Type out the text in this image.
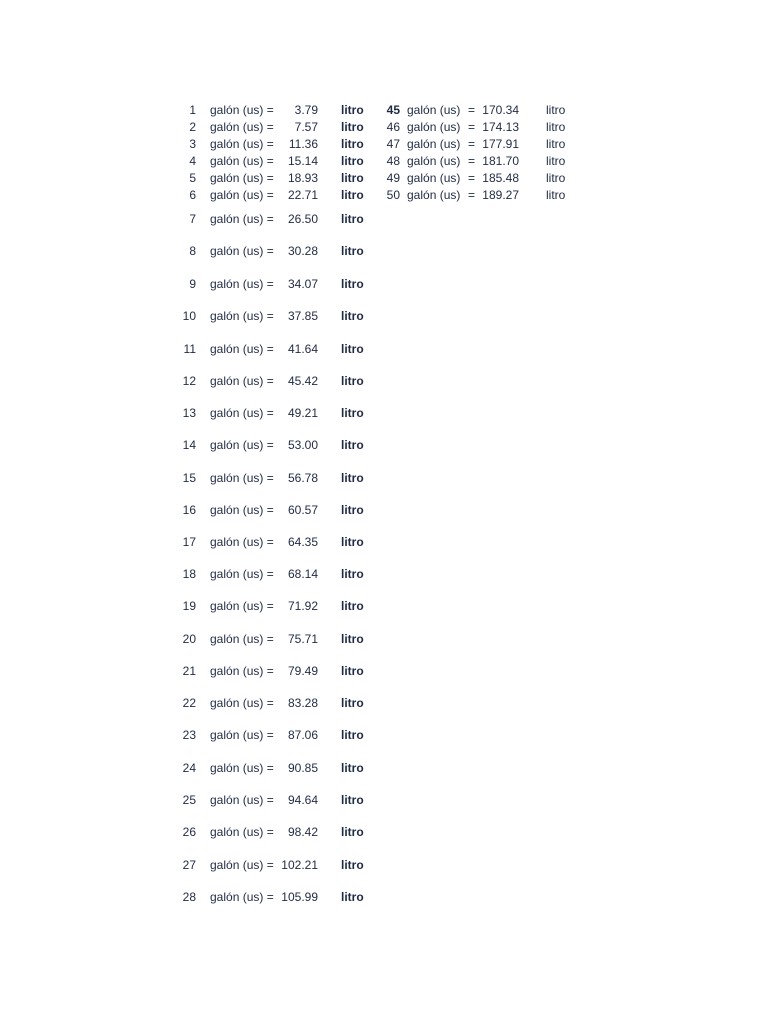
1 galón (us) =	3.79 litro
2 galón (us) =	7.57 litro
3 galón (us) =	11.36 litro
4 galón (us) =	15.14 litro
5 galón (us) =	18.93 litro
6 galón (us) =	22.71 litro
7 galón (us) =	26.50 litro
8 galón (us) =	30.28 litro
9 galón (us) =	34.07 litro
10 galón (us) =	37.85 litro
11 galón (us) =	41.64 litro
12 galón (us) =	45.42 litro
13 galón (us) =	49.21 litro
14 galón (us) =	53.00 litro
15 galón (us) =	56.78 litro
16 galón (us) =	60.57 litro
17 galón (us) =	64.35 litro
18 galón (us) =	68.14 litro
19 galón (us) =	71.92 litro
20 galón (us) =	75.71 litro
21 galón (us) =	79.49 litro
22 galón (us) =	83.28 litro
23 galón (us) =	87.06 litro
24 galón (us) =	90.85 litro
25 galón (us) =	94.64 litro
26 galón (us) =	98.42 litro
27 galón (us) = 102.21 litro
28 galón (us) = 105.99 litro
45 galón (us) = 170.34 litro
46 galón (us) = 174.13 litro
47 galón (us) = 177.91 litro
48 galón (us) = 181.70 litro
49 galón (us) = 185.48 litro
50 galón (us) = 189.27 litro
